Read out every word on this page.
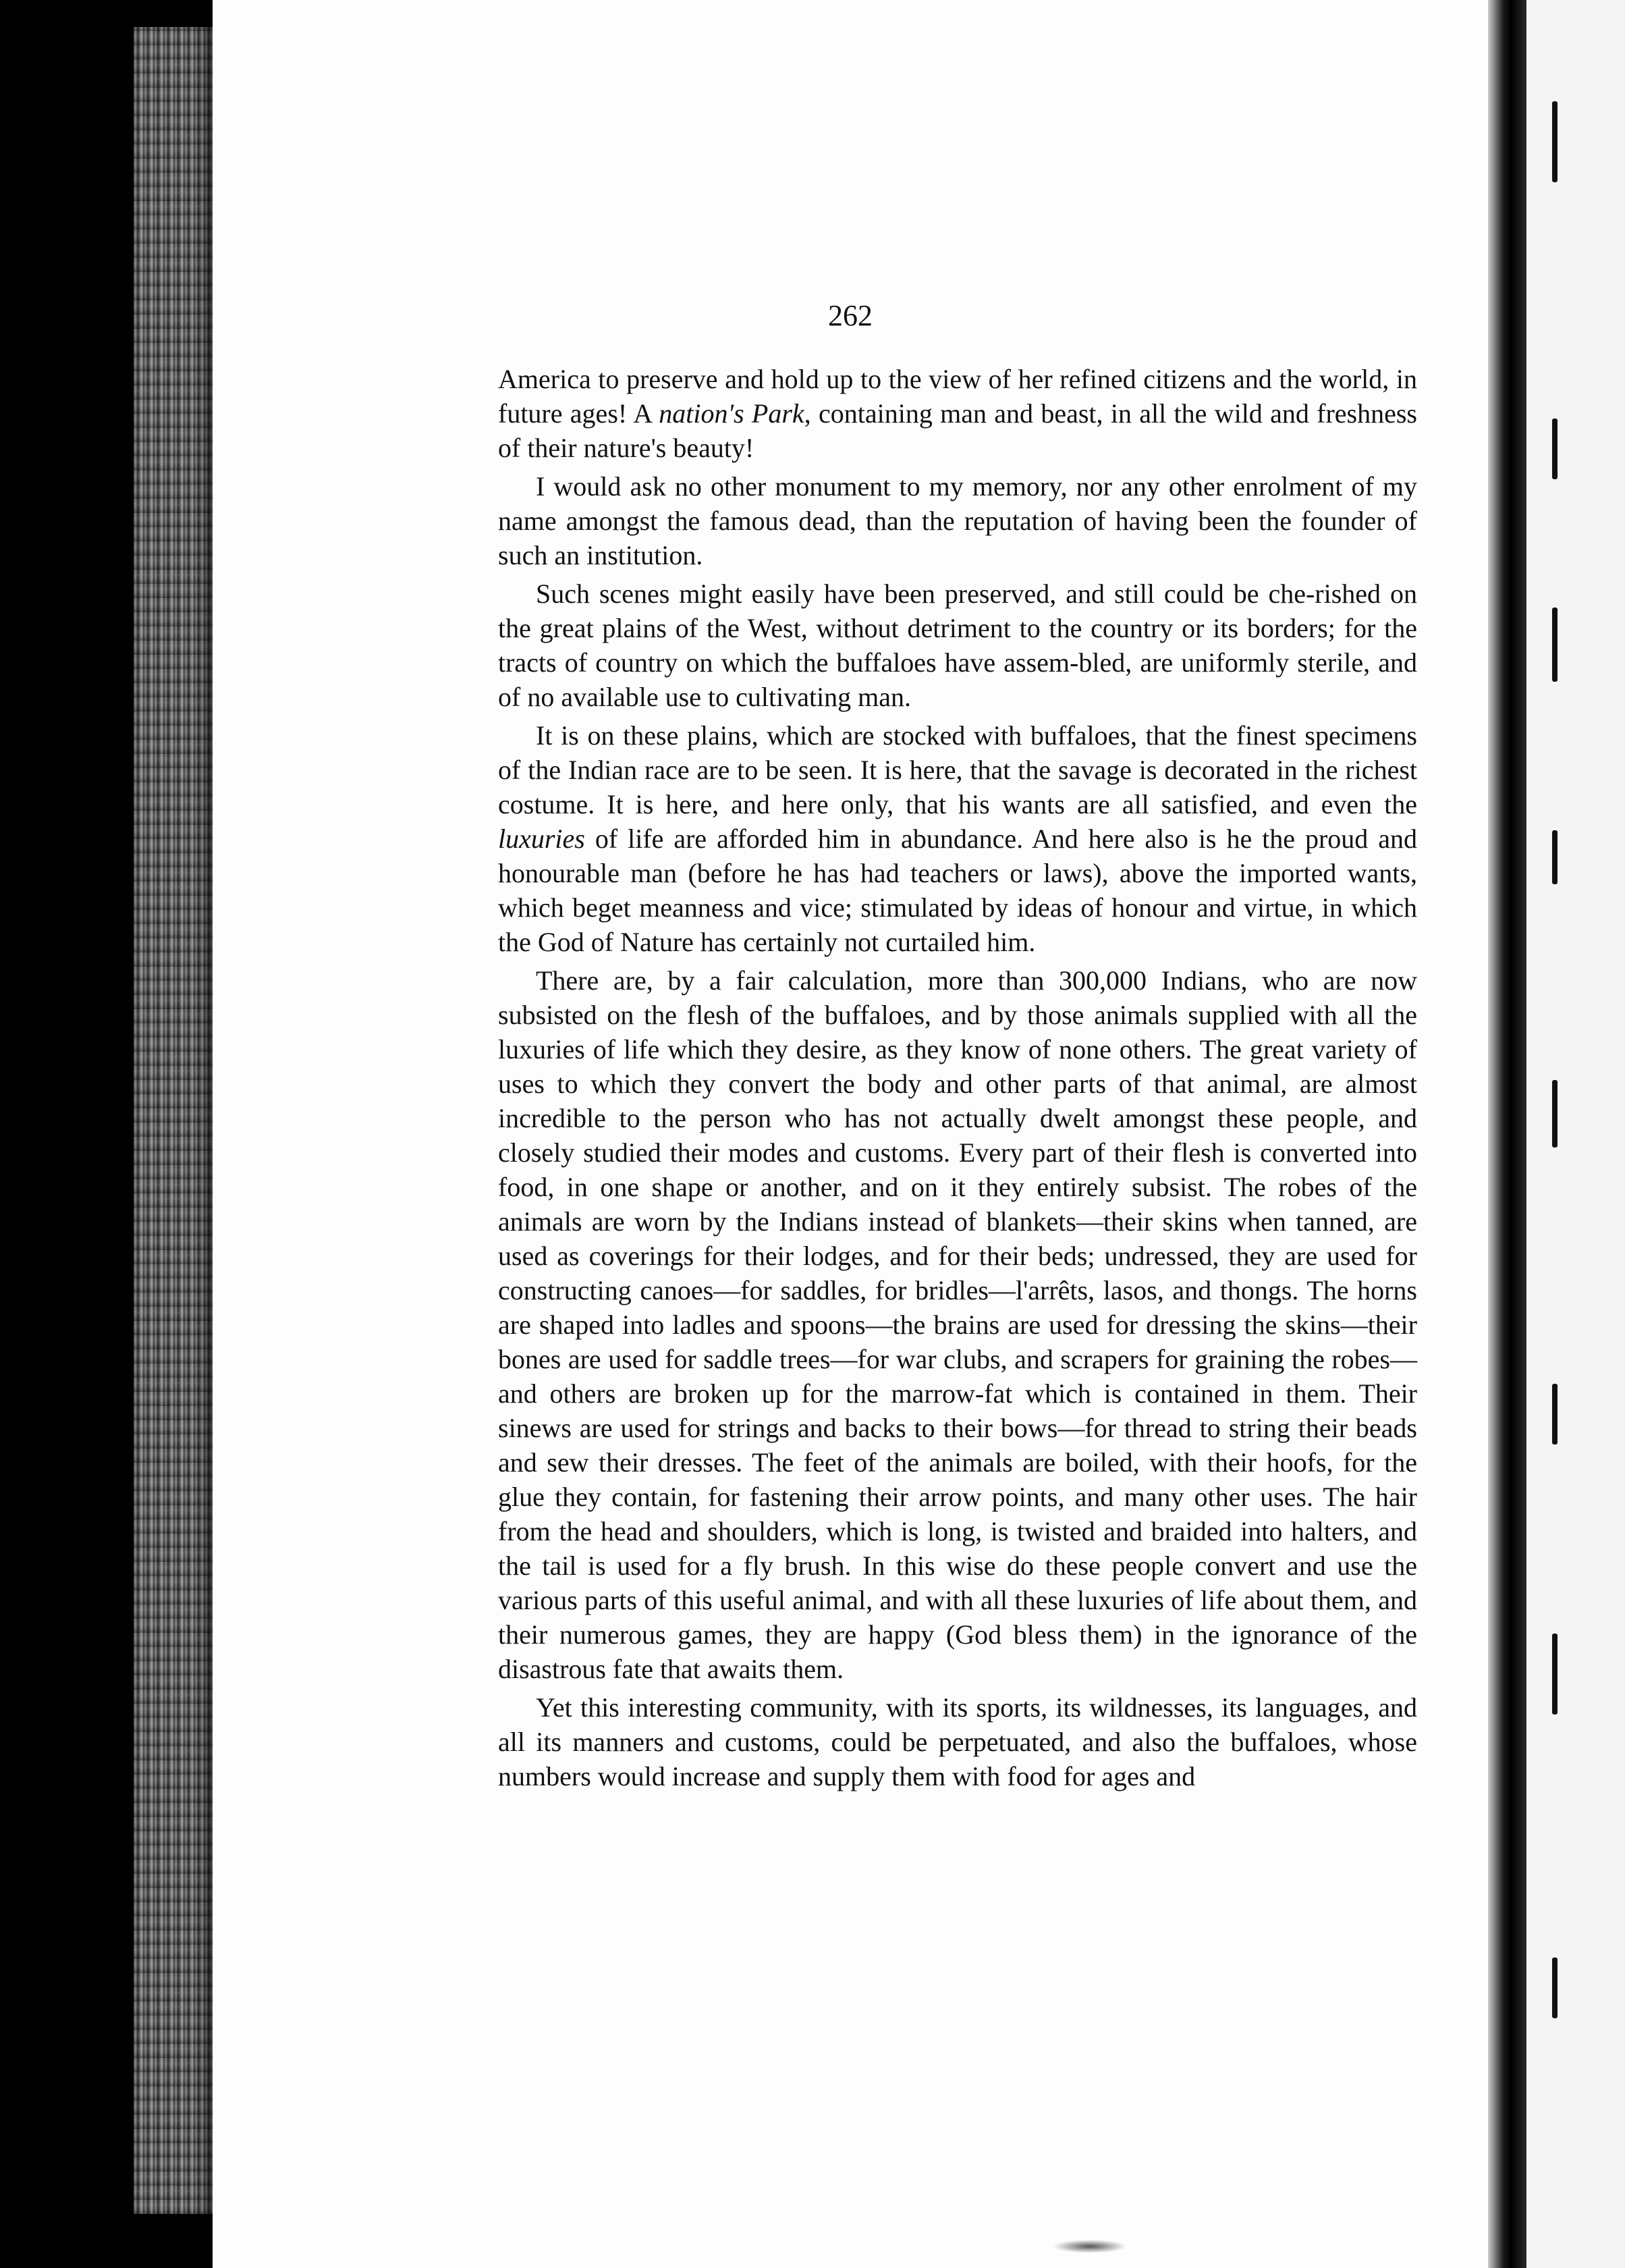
262

America to preserve and hold up to the view of her refined citizens and the world, in future ages! A nation's Park, containing man and beast, in all the wild and freshness of their nature's beauty!

I would ask no other monument to my memory, nor any other enrolment of my name amongst the famous dead, than the reputation of having been the founder of such an institution.

Such scenes might easily have been preserved, and still could be che-rished on the great plains of the West, without detriment to the country or its borders; for the tracts of country on which the buffaloes have assem-bled, are uniformly sterile, and of no available use to cultivating man.

It is on these plains, which are stocked with buffaloes, that the finest specimens of the Indian race are to be seen. It is here, that the savage is decorated in the richest costume. It is here, and here only, that his wants are all satisfied, and even the luxuries of life are afforded him in abundance. And here also is he the proud and honourable man (before he has had teachers or laws), above the imported wants, which beget meanness and vice; stimulated by ideas of honour and virtue, in which the God of Nature has certainly not curtailed him.

There are, by a fair calculation, more than 300,000 Indians, who are now subsisted on the flesh of the buffaloes, and by those animals supplied with all the luxuries of life which they desire, as they know of none others. The great variety of uses to which they convert the body and other parts of that animal, are almost incredible to the person who has not actually dwelt amongst these people, and closely studied their modes and customs. Every part of their flesh is converted into food, in one shape or another, and on it they entirely subsist. The robes of the animals are worn by the Indians instead of blankets—their skins when tanned, are used as coverings for their lodges, and for their beds; undressed, they are used for constructing canoes—for saddles, for bridles—l'arrêts, lasos, and thongs. The horns are shaped into ladles and spoons—the brains are used for dressing the skins—their bones are used for saddle trees—for war clubs, and scrapers for graining the robes—and others are broken up for the marrow-fat which is contained in them. Their sinews are used for strings and backs to their bows—for thread to string their beads and sew their dresses. The feet of the animals are boiled, with their hoofs, for the glue they contain, for fastening their arrow points, and many other uses. The hair from the head and shoulders, which is long, is twisted and braided into halters, and the tail is used for a fly brush. In this wise do these people convert and use the various parts of this useful animal, and with all these luxuries of life about them, and their numerous games, they are happy (God bless them) in the ignorance of the disastrous fate that awaits them.

Yet this interesting community, with its sports, its wildnesses, its languages, and all its manners and customs, could be perpetuated, and also the buffaloes, whose numbers would increase and supply them with food for ages and
